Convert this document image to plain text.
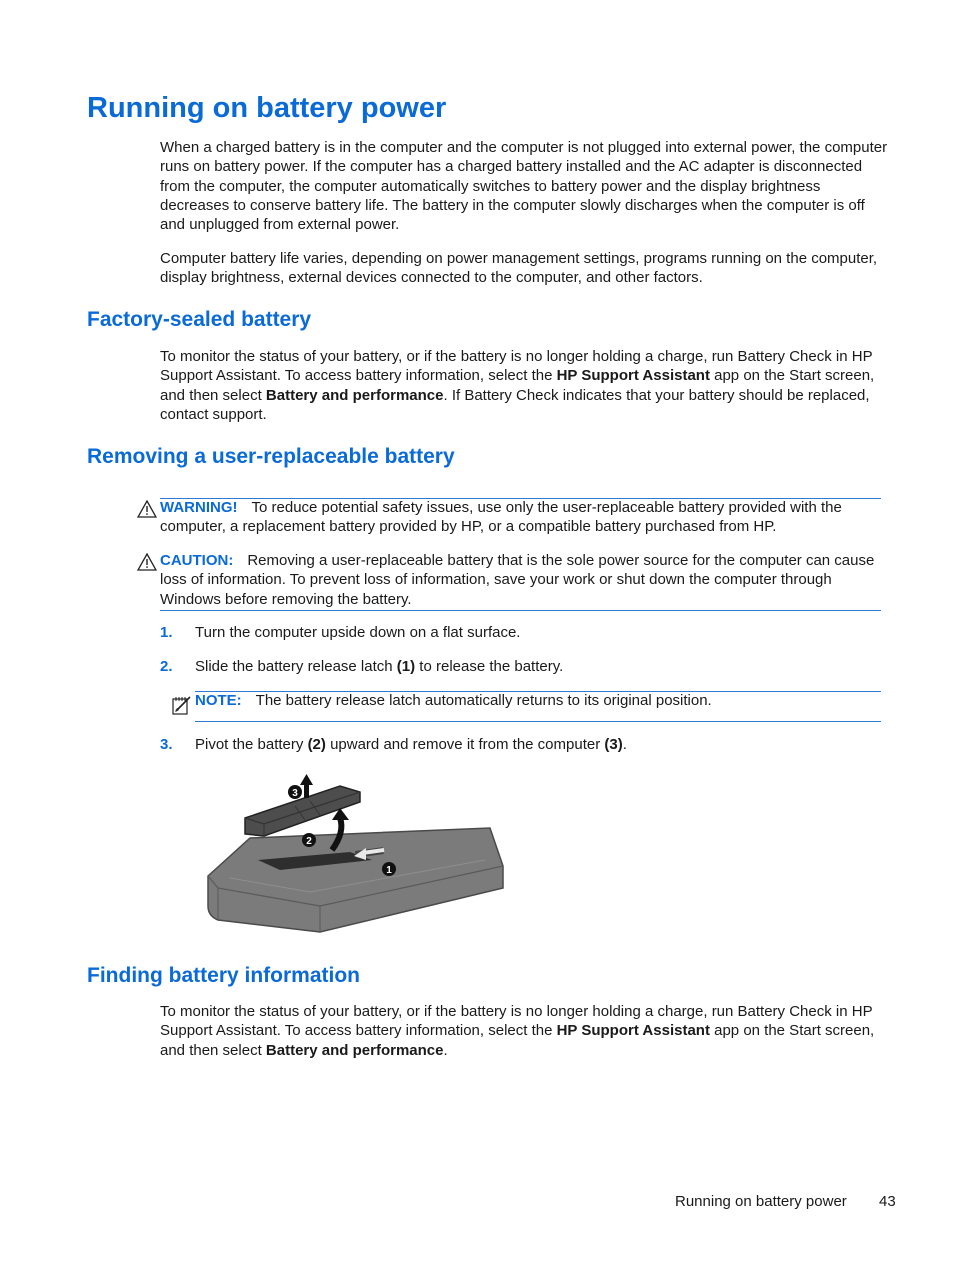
Running on battery power

When a charged battery is in the computer and the computer is not plugged into external power, the computer runs on battery power. If the computer has a charged battery installed and the AC adapter is disconnected from the computer, the computer automatically switches to battery power and the display brightness decreases to conserve battery life. The battery in the computer slowly discharges when the computer is off and unplugged from external power.

Computer battery life varies, depending on power management settings, programs running on the computer, display brightness, external devices connected to the computer, and other factors.

Factory-sealed battery

To monitor the status of your battery, or if the battery is no longer holding a charge, run Battery Check in HP Support Assistant. To access battery information, select the HP Support Assistant app on the Start screen, and then select Battery and performance. If Battery Check indicates that your battery should be replaced, contact support.

Removing a user-replaceable battery

WARNING! To reduce potential safety issues, use only the user-replaceable battery provided with the computer, a replacement battery provided by HP, or a compatible battery purchased from HP.

CAUTION: Removing a user-replaceable battery that is the sole power source for the computer can cause loss of information. To prevent loss of information, save your work or shut down the computer through Windows before removing the battery.

1. Turn the computer upside down on a flat surface.
2. Slide the battery release latch (1) to release the battery.
NOTE: The battery release latch automatically returns to its original position.
3. Pivot the battery (2) upward and remove it from the computer (3).
3
2
1
Finding battery information

To monitor the status of your battery, or if the battery is no longer holding a charge, run Battery Check in HP Support Assistant. To access battery information, select the HP Support Assistant app on the Start screen, and then select Battery and performance.

Running on battery power 43
